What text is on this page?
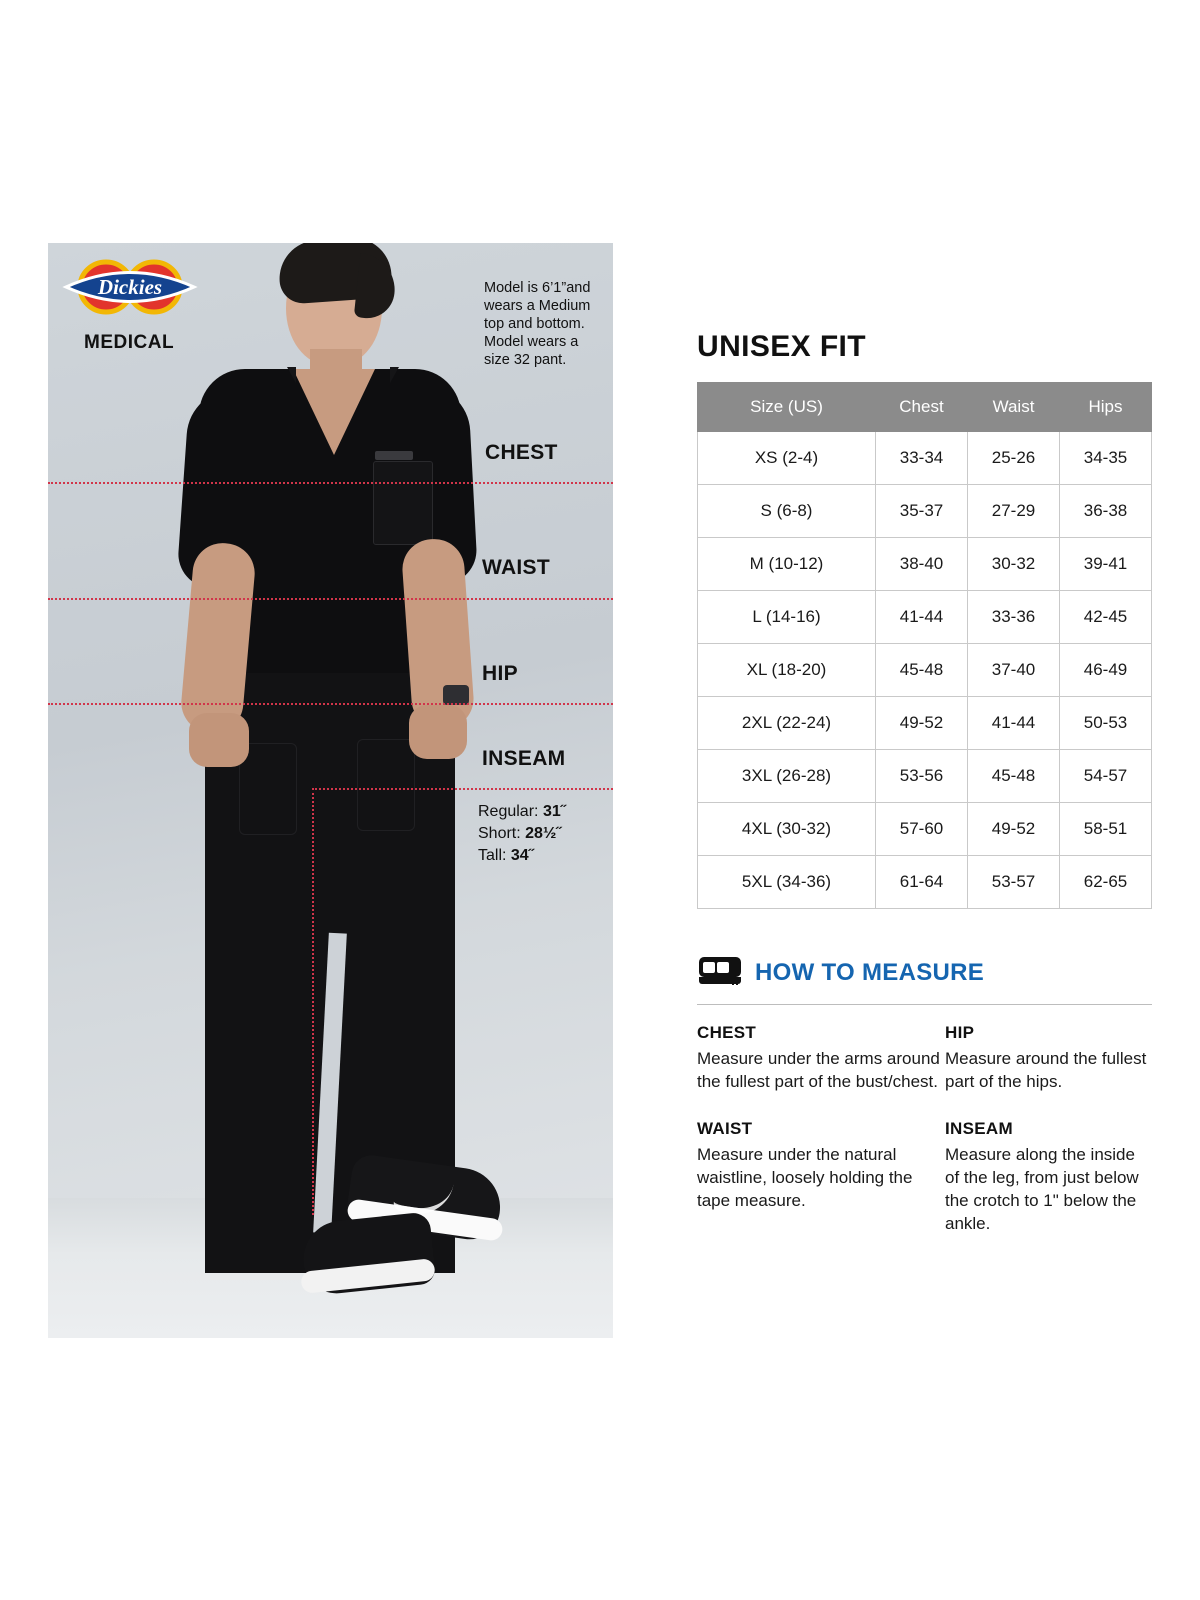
Dickies
MEDICAL
Model is 6’1”and wears a Medium top and bottom. Model wears a size 32 pant.
CHEST
WAIST
HIP
INSEAM
Regular: 31˝
Short: 28½˝
Tall: 34˝
UNISEX FIT
Size (US)	Chest	Waist	Hips
XS (2-4)	33-34	25-26	34-35
S (6-8)	35-37	27-29	36-38
M (10-12)	38-40	30-32	39-41
L (14-16)	41-44	33-36	42-45
XL (18-20)	45-48	37-40	46-49
2XL (22-24)	49-52	41-44	50-53
3XL (26-28)	53-56	45-48	54-57
4XL (30-32)	57-60	49-52	58-51
5XL (34-36)	61-64	53-57	62-65
HOW TO MEASURE
CHEST

Measure under the arms around the fullest part of the bust/chest.

HIP

Measure around the fullest part of the hips.

WAIST

Measure under the natural waistline, loosely holding the tape measure.

INSEAM

Measure along the inside of the leg, from just below the crotch to 1" below the ankle.
